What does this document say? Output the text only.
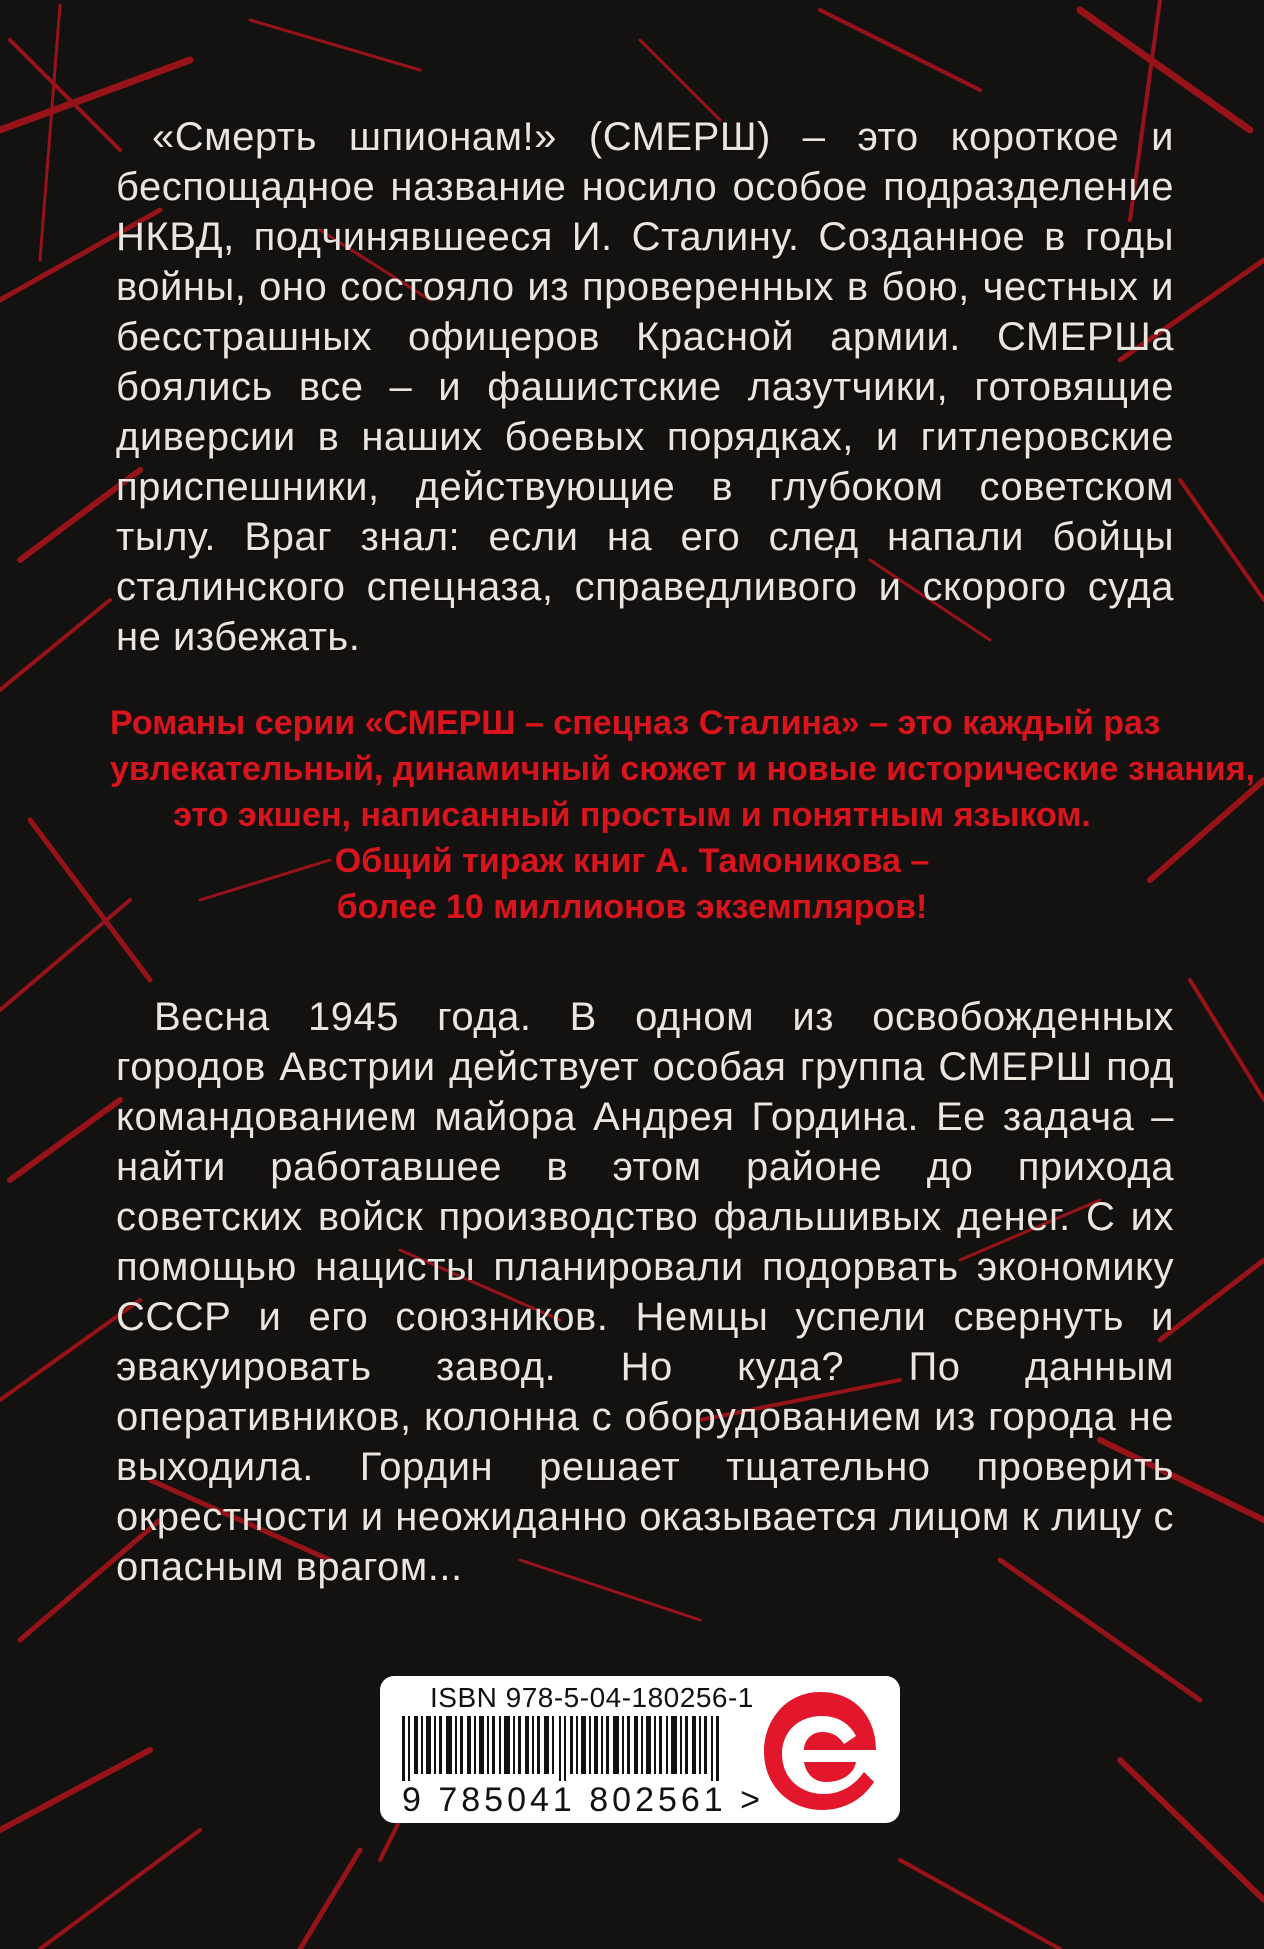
«Смерть шпионам!» (СМЕРШ) – это короткое и беспощадное название носило особое подразделение НКВД, подчинявшееся И. Сталину. Созданное в годы войны, оно состояло из проверенных в бою, честных и бесстрашных офицеров Красной армии. СМЕРШа боялись все – и фашистские лазутчики, готовящие диверсии в наших боевых порядках, и гитлеровские приспешники, действующие в глубоком советском тылу. Враг знал: если на его след напали бойцы сталинского спецназа, справедливого и скорого суда не избежать.
Романы серии «СМЕРШ – спецназ Сталина» – это каждый раз
увлекательный, динамичный сюжет и новые исторические знания,
это экшен, написанный простым и понятным языком.
Общий тираж книг А. Тамоникова –
более 10 миллионов экземпляров!
Весна 1945 года. В одном из освобожденных городов Австрии действует особая группа СМЕРШ под командованием майора Андрея Гордина. Ее задача – найти работавшее в этом районе до прихода советских войск производство фальшивых денег. С их помощью нацисты планировали подорвать экономику СССР и его союзников. Немцы успели свернуть и эвакуировать завод. Но куда? По данным оперативников, колонна с оборудованием из города не выходила. Гордин решает тщательно проверить окрестности и неожиданно оказывается лицом к лицу с опасным врагом...
ISBN 978-5-04-180256-1
9 785041 802561 >
